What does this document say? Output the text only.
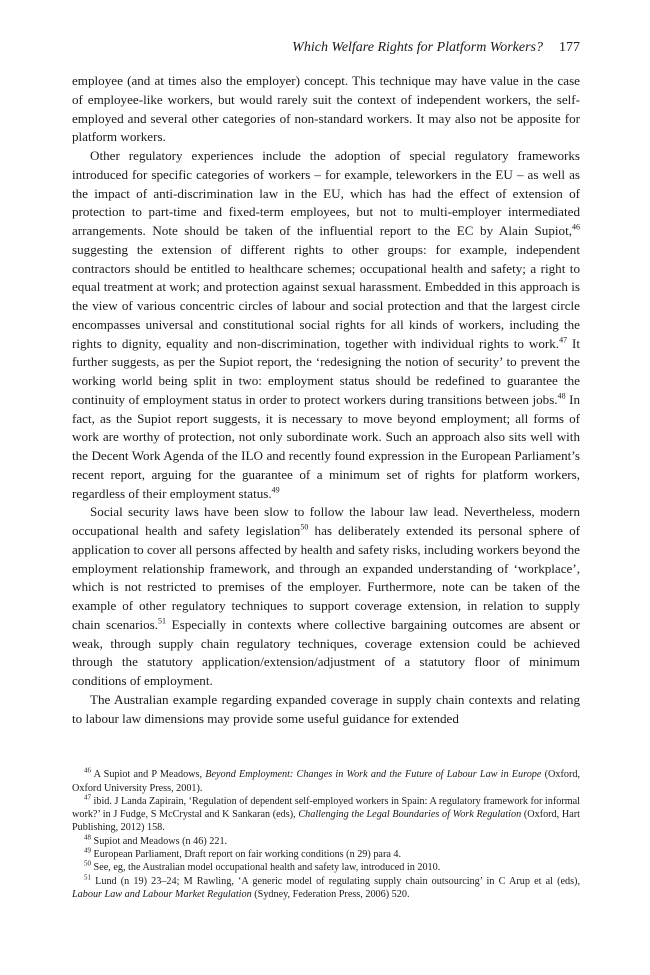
Which Welfare Rights for Platform Workers? 177

employee (and at times also the employer) concept. This technique may have value in the case of employee-like workers, but would rarely suit the context of independent workers, the self-employed and several other categories of non-standard workers. It may also not be apposite for platform workers.

Other regulatory experiences include the adoption of special regulatory frameworks introduced for specific categories of workers – for example, teleworkers in the EU – as well as the impact of anti-discrimination law in the EU, which has had the effect of extension of protection to part-time and fixed-term employees, but not to multi-employer intermediated arrangements. Note should be taken of the influential report to the EC by Alain Supiot,$^{46}$ suggesting the extension of different rights to other groups: for example, independent contractors should be entitled to healthcare schemes; occupational health and safety; a right to equal treatment at work; and protection against sexual harassment. Embedded in this approach is the view of various concentric circles of labour and social protection and that the largest circle encompasses universal and constitutional social rights for all kinds of workers, including the rights to dignity, equality and non-discrimination, together with individual rights to work.$^{47}$ It further suggests, as per the Supiot report, the ‘redesigning the notion of security’ to prevent the working world being split in two: employment status should be redefined to guarantee the continuity of employment status in order to protect workers during transitions between jobs.$^{48}$ In fact, as the Supiot report suggests, it is necessary to move beyond employment; all forms of work are worthy of protection, not only subordinate work. Such an approach also sits well with the Decent Work Agenda of the ILO and recently found expression in the European Parliament’s recent report, arguing for the guarantee of a minimum set of rights for platform workers, regardless of their employment status.$^{49}$

Social security laws have been slow to follow the labour law lead. Nevertheless, modern occupational health and safety legislation$^{50}$ has deliberately extended its personal sphere of application to cover all persons affected by health and safety risks, including workers beyond the employment relationship framework, and through an expanded understanding of ‘workplace’, which is not restricted to premises of the employer. Furthermore, note can be taken of the example of other regulatory techniques to support coverage extension, in relation to supply chain scenarios.$^{51}$ Especially in contexts where collective bargaining outcomes are absent or weak, through supply chain regulatory techniques, coverage extension could be achieved through the statutory application/extension/adjustment of a statutory floor of minimum conditions of employment.

The Australian example regarding expanded coverage in supply chain contexts and relating to labour law dimensions may provide some useful guidance for extended

$^{46}$ A Supiot and P Meadows, Beyond Employment: Changes in Work and the Future of Labour Law in Europe (Oxford, Oxford University Press, 2001).

$^{47}$ ibid. J Landa Zapirain, ‘Regulation of dependent self-employed workers in Spain: A regulatory framework for informal work?’ in J Fudge, S McCrystal and K Sankaran (eds), Challenging the Legal Boundaries of Work Regulation (Oxford, Hart Publishing, 2012) 158.

$^{48}$ Supiot and Meadows (n 46) 221.

$^{49}$ European Parliament, Draft report on fair working conditions (n 29) para 4.

$^{50}$ See, eg, the Australian model occupational health and safety law, introduced in 2010.

$^{51}$ Lund (n 19) 23–24; M Rawling, ‘A generic model of regulating supply chain outsourcing’ in C Arup et al (eds), Labour Law and Labour Market Regulation (Sydney, Federation Press, 2006) 520.
